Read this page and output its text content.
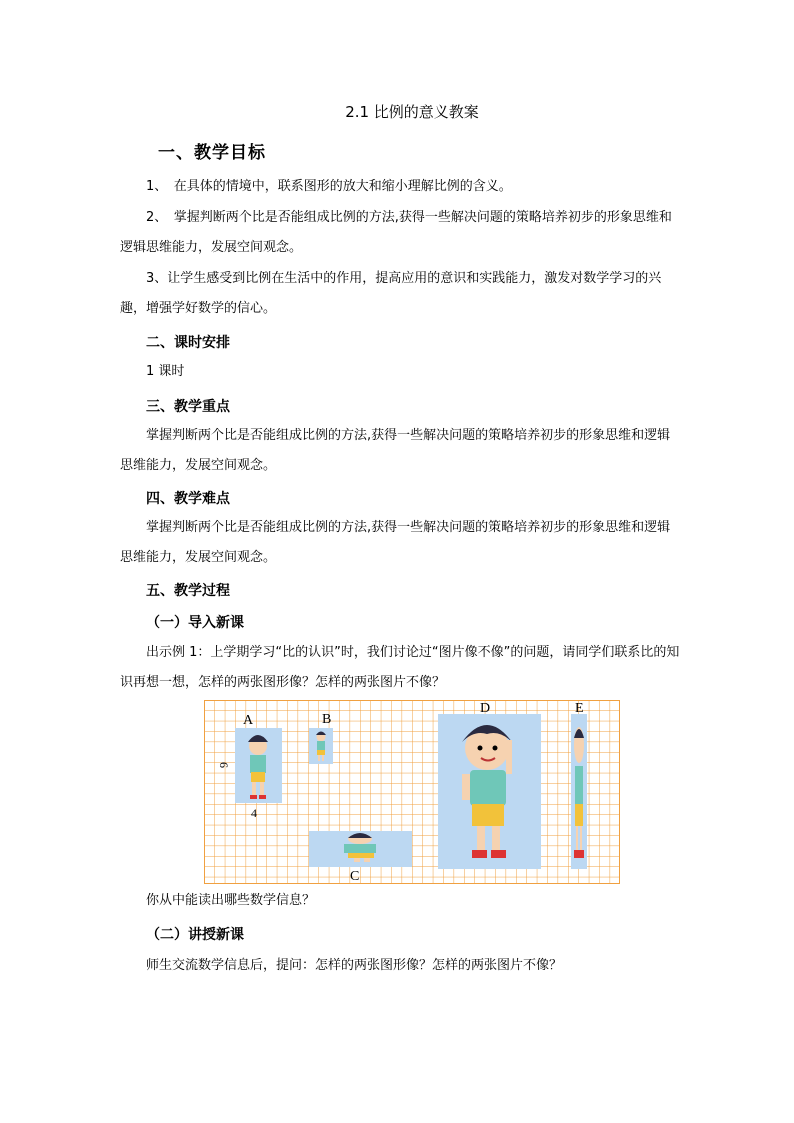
2.1 比例的意义教案
一、教学目标
1、　在具体的情境中，联系图形的放大和缩小理解比例的含义。
2、　掌握判断两个比是否能组成比例的方法,获得一些解决问题的策略培养初步的形象思维和逻辑思维能力，发展空间观念。
3、让学生感受到比例在生活中的作用，提高应用的意识和实践能力，激发对数学学习的兴趣，增强学好数学的信心。
二、课时安排
1 课时
三、教学重点
掌握判断两个比是否能组成比例的方法,获得一些解决问题的策略培养初步的形象思维和逻辑思维能力，发展空间观念。
四、教学难点
掌握判断两个比是否能组成比例的方法,获得一些解决问题的策略培养初步的形象思维和逻辑思维能力，发展空间观念。
五、教学过程
（一）导入新课
出示例 1：上学期学习“比的认识”时，我们讨论过“图片像不像”的问题，请同学们联系比的知识再想一想，怎样的两张图形像？怎样的两张图片不像？
A
6
4
B
C
D	E
你从中能读出哪些数学信息？
（二）讲授新课
师生交流数学信息后，提问：怎样的两张图形像？怎样的两张图片不像？
